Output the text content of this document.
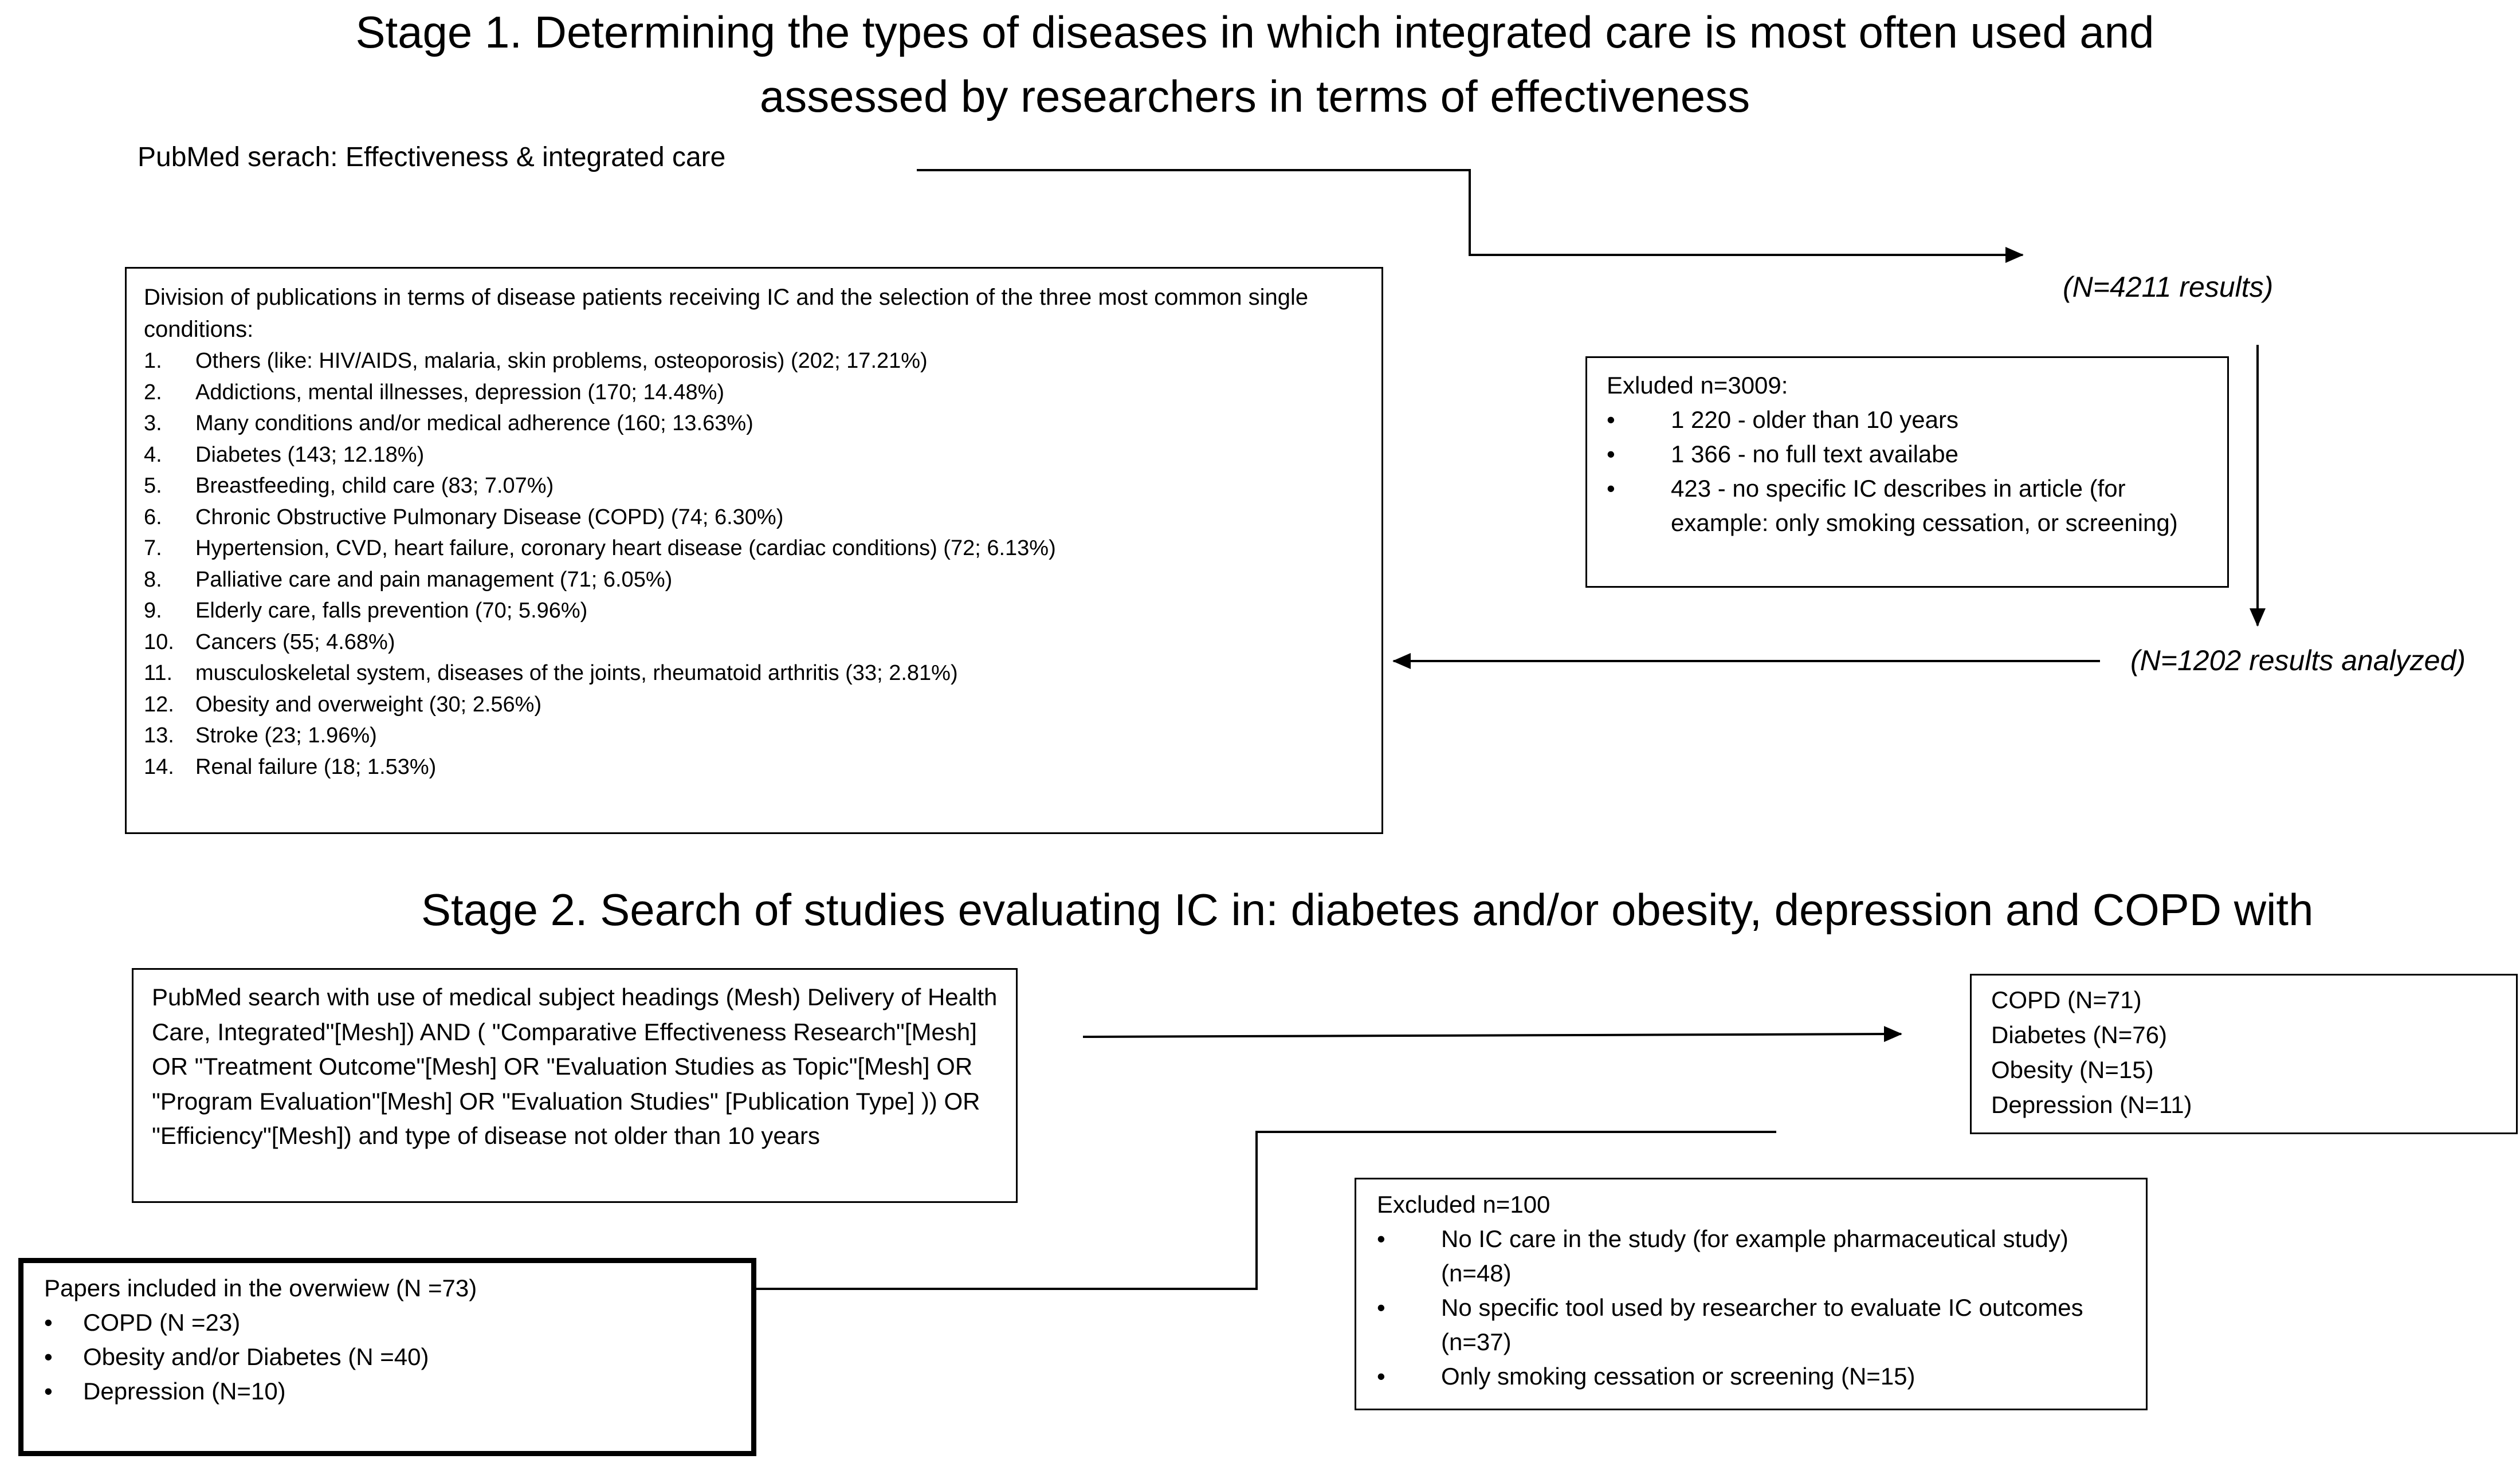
Stage 1. Determining the types of diseases in which integrated care is most often used and
assessed by researchers in terms of effectiveness
PubMed serach: Effectiveness & integrated care
(N=4211 results)
Division of publications in terms of disease patients receiving IC and the selection of the three most common single conditions:
1. Others (like: HIV/AIDS, malaria, skin problems, osteoporosis) (202; 17.21%)
2. Addictions, mental illnesses, depression (170; 14.48%)
3. Many conditions and/or medical adherence (160; 13.63%)
4. Diabetes (143; 12.18%)
5. Breastfeeding, child care (83; 7.07%)
6. Chronic Obstructive Pulmonary Disease (COPD) (74; 6.30%)
7. Hypertension, CVD, heart failure, coronary heart disease (cardiac conditions) (72; 6.13%)
8. Palliative care and pain management (71; 6.05%)
9. Elderly care, falls prevention (70; 5.96%)
10. Cancers (55; 4.68%)
11. musculoskeletal system, diseases of the joints, rheumatoid arthritis (33; 2.81%)
12. Obesity and overweight (30; 2.56%)
13. Stroke (23; 1.96%)
14. Renal failure (18; 1.53%)
Exluded n=3009:
• 1 220 - older than 10 years
• 1 366 - no full text availabe
• 423 - no specific IC describes in article (for example: only smoking cessation, or screening)
(N=1202 results analyzed)
Stage 2. Search of studies evaluating IC in: diabetes and/or obesity, depression and COPD with
PubMed search with use of medical subject headings (Mesh) Delivery of Health Care, Integrated"[Mesh]) AND ( "Comparative Effectiveness Research"[Mesh] OR "Treatment Outcome"[Mesh] OR "Evaluation Studies as Topic"[Mesh] OR "Program Evaluation"[Mesh] OR "Evaluation Studies" [Publication Type] )) OR "Efficiency"[Mesh]) and type of disease not older than 10 years
COPD (N=71)
Diabetes (N=76)
Obesity (N=15)
Depression (N=11)
Excluded n=100
• No IC care in the study (for example pharmaceutical study) (n=48)
• No specific tool used by researcher to evaluate IC outcomes (n=37)
• Only smoking cessation or screening (N=15)
Papers included in the overwiew (N =73)
• COPD (N =23)
• Obesity and/or Diabetes (N =40)
• Depression (N=10)
